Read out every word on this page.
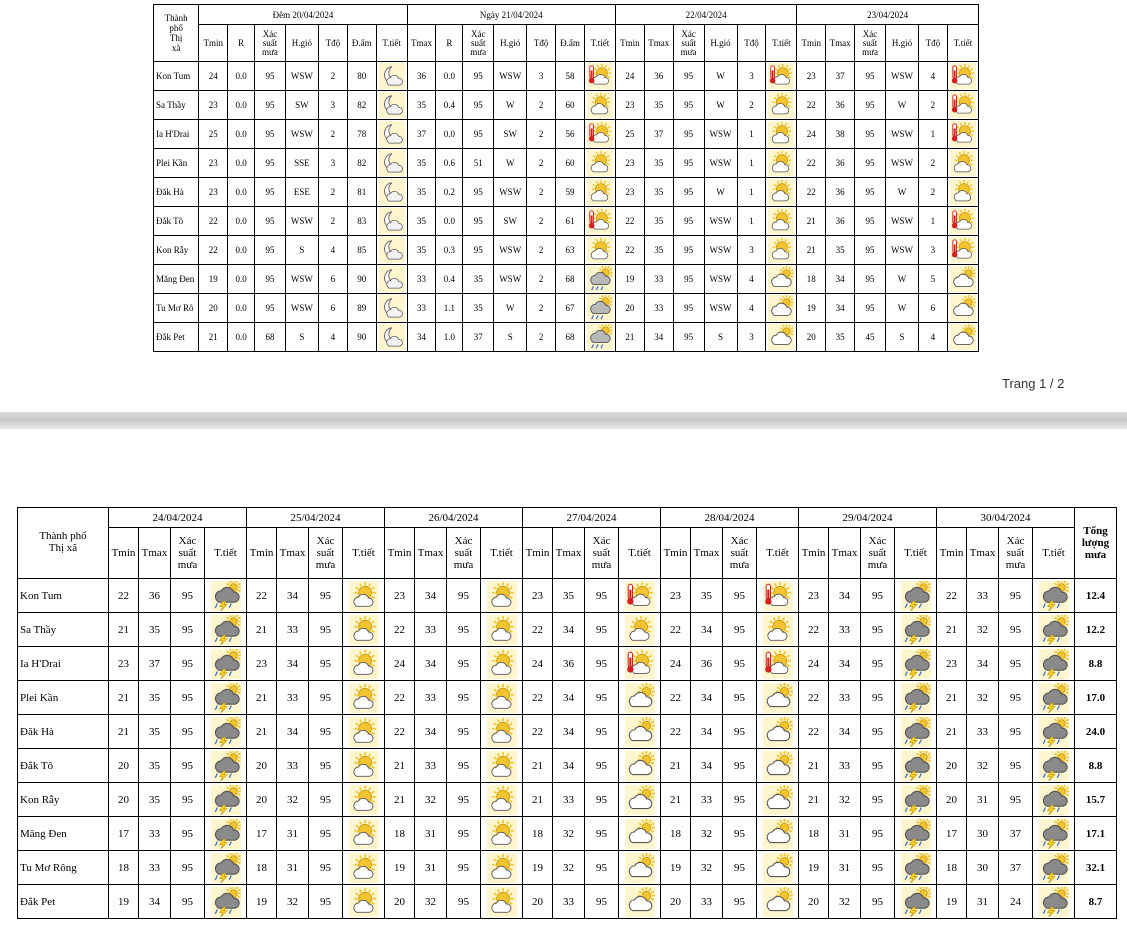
Thành
phố
Thị
xã	Đêm 20/04/2024							Ngày 21/04/2024							22/04/2024						23/04/2024					
	Tmin	R	Xác
suất
mưa	H.gió	Tđộ	Đ.ẩm	T.tiết	Tmax	R	Xác
suất
mưa	H.gió	Tđộ	Đ.ẩm	T.tiết	Tmin	Tmax	Xác
suất
mưa	H.gió	Tđộ	T.tiết	Tmin	Tmax	Xác
suất
mưa	H.gió	Tđộ	T.tiết
Kon Tum	24	0.0	95	WSW	2	80		36	0.0	95	WSW	3	58		24	36	95	W	3		23	37	95	WSW	4	

Sa Thầy	23	0.0	95	SW	3	82		35	0.4	95	W	2	60		23	35	95	W	2		22	36	95	W	2	

Ia H'Drai	25	0.0	95	WSW	2	78		37	0.0	95	SW	2	56		25	37	95	WSW	1		24	38	95	WSW	1	

Plei Kần	23	0.0	95	SSE	3	82		35	0.6	51	W	2	60		23	35	95	WSW	1		22	36	95	WSW	2	

Đăk Hà	23	0.0	95	ESE	2	81		35	0.2	95	WSW	2	59		23	35	95	W	1		22	36	95	W	2	

Đắk Tô	22	0.0	95	WSW	2	83		35	0.0	95	SW	2	61		22	35	95	WSW	1		21	36	95	WSW	1	

Kon Rẫy	22	0.0	95	S	4	85		35	0.3	95	WSW	2	63		22	35	95	WSW	3		21	35	95	WSW	3	

Măng Đen	19	0.0	95	WSW	6	90		33	0.4	35	WSW	2	68		19	33	95	WSW	4		18	34	95	W	5	

Tu Mơ Rô	20	0.0	95	WSW	6	89		33	1.1	35	W	2	67		20	33	95	WSW	4		19	34	95	W	6	

Đắk Pet	21	0.0	68	S	4	90		34	1.0	37	S	2	68		21	34	95	S	3		20	35	45	S	4	
Trang 1 / 2
Thành phố
Thị xã	24/04/2024				25/04/2024				26/04/2024				27/04/2024				28/04/2024				29/04/2024				30/04/2024				Tổng
lượng
mưa
	Tmin	Tmax	Xác
suất
mưa	T.tiết	Tmin	Tmax	Xác
suất
mưa	T.tiết	Tmin	Tmax	Xác
suất
mưa	T.tiết	Tmin	Tmax	Xác
suất
mưa	T.tiết	Tmin	Tmax	Xác
suất
mưa	T.tiết	Tmin	Tmax	Xác
suất
mưa	T.tiết	Tmin	Tmax	Xác
suất
mưa	T.tiết	
Kon Tum	22	36	95		22	34	95		23	34	95		23	35	95		23	35	95		23	34	95		22	33	95		12.4
Sa Thầy	21	35	95		21	33	95		22	33	95		22	34	95		22	34	95		22	33	95		21	32	95		12.2
Ia H'Drai	23	37	95		23	34	95		24	34	95		24	36	95		24	36	95		24	34	95		23	34	95		8.8
Plei Kần	21	35	95		21	33	95		22	33	95		22	34	95		22	34	95		22	33	95		21	32	95		17.0
Đăk Hà	21	35	95		21	34	95		22	34	95		22	34	95		22	34	95		22	34	95		21	33	95		24.0
Đắk Tô	20	35	95		20	33	95		21	33	95		21	34	95		21	34	95		21	33	95		20	32	95		8.8
Kon Rẫy	20	35	95		20	32	95		21	32	95		21	33	95		21	33	95		21	32	95		20	31	95		15.7
Măng Đen	17	33	95		17	31	95		18	31	95		18	32	95		18	32	95		18	31	95		17	30	37		17.1
Tu Mơ Rông	18	33	95		18	31	95		19	31	95		19	32	95		19	32	95		19	31	95		18	30	37		32.1
Đắk Pet	19	34	95		19	32	95		20	32	95		20	33	95		20	33	95		20	32	95		19	31	24		8.7
